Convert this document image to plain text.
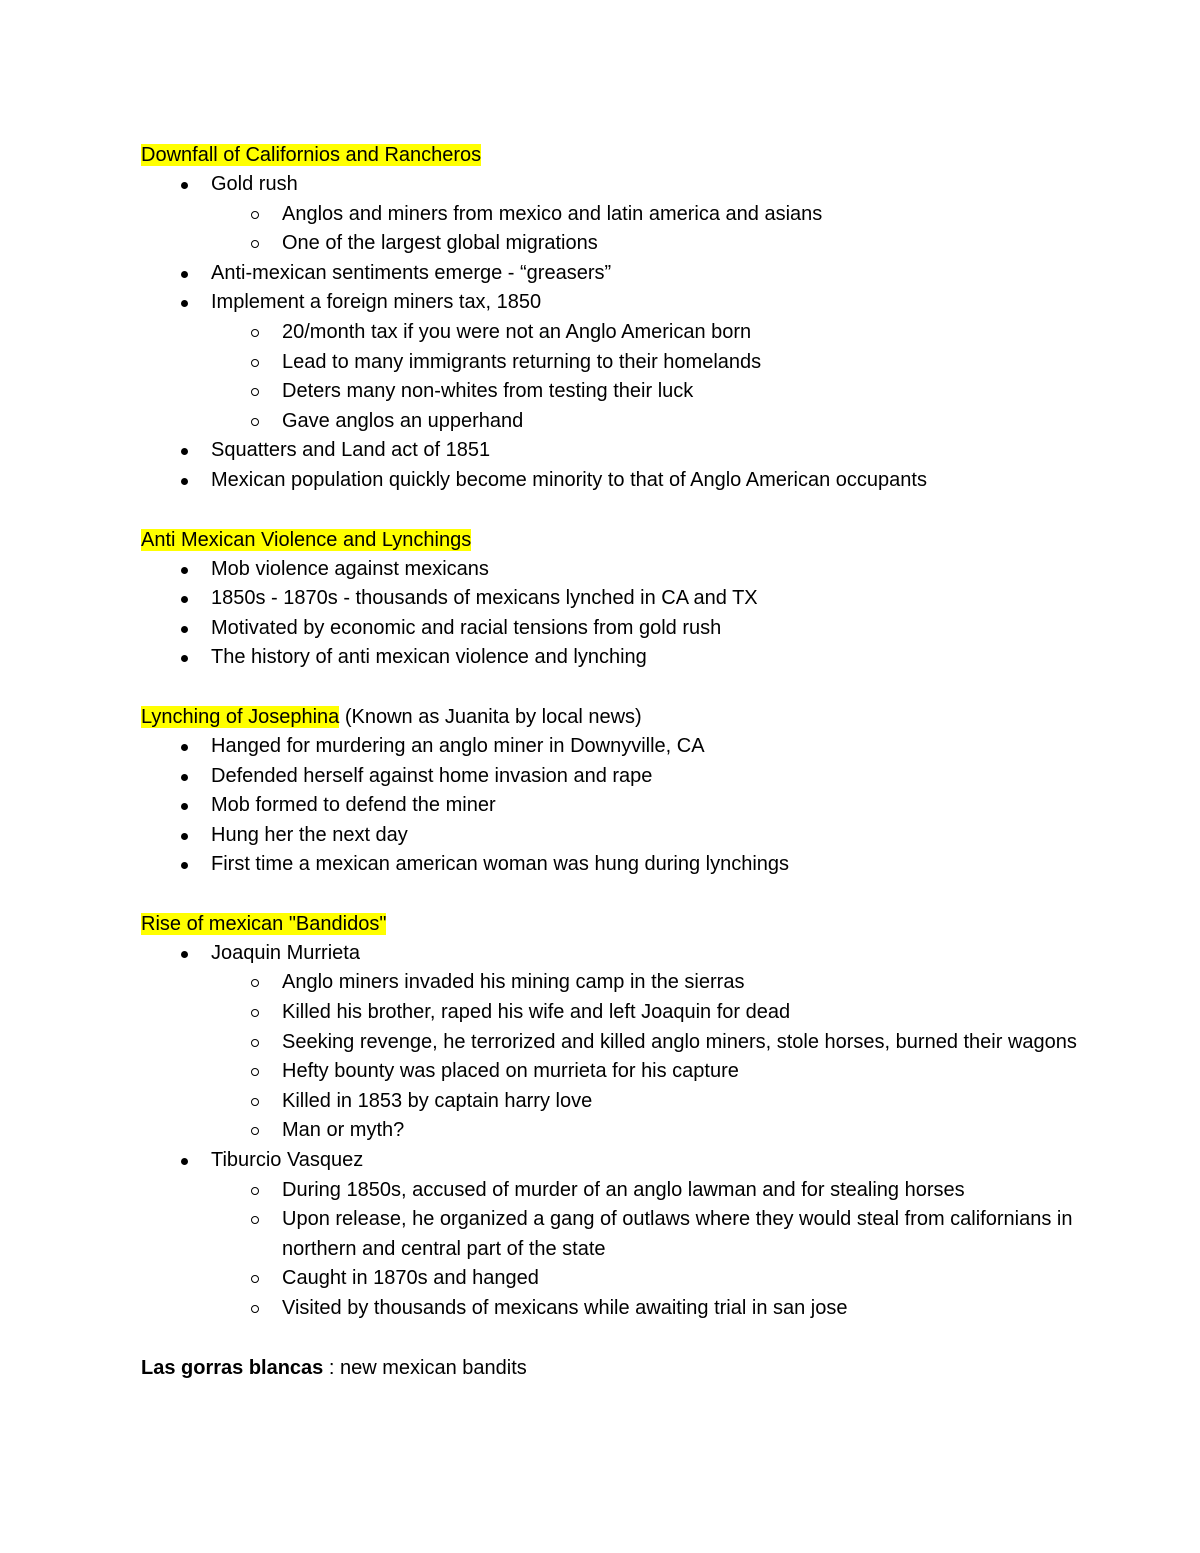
Downfall of Californios and Rancheros
Gold rush
Anglos and miners from mexico and latin america and asians
One of the largest global migrations
Anti-mexican sentiments emerge - “greasers”
Implement a foreign miners tax, 1850
20/month tax if you were not an Anglo American born
Lead to many immigrants returning to their homelands
Deters many non-whites from testing their luck
Gave anglos an upperhand
Squatters and Land act of 1851
Mexican population quickly become minority to that of Anglo American occupants
Anti Mexican Violence and Lynchings
Mob violence against mexicans
1850s - 1870s - thousands of mexicans lynched in CA and TX
Motivated by economic and racial tensions from gold rush
The history of anti mexican violence and lynching
Lynching of Josephina (Known as Juanita by local news)
Hanged for murdering an anglo miner in Downyville, CA
Defended herself against home invasion and rape
Mob formed to defend the miner
Hung her the next day
First time a mexican american woman was hung during lynchings
Rise of mexican "Bandidos"
Joaquin Murrieta
Anglo miners invaded his mining camp in the sierras
Killed his brother, raped his wife and left Joaquin for dead
Seeking revenge, he terrorized and killed anglo miners, stole horses, burned their wagons
Hefty bounty was placed on murrieta for his capture
Killed in 1853 by captain harry love
Man or myth?
Tiburcio Vasquez
During 1850s, accused of murder of an anglo lawman and for stealing horses
Upon release, he organized a gang of outlaws where they would steal from californians in northern and central part of the state
Caught in 1870s and hanged
Visited by thousands of mexicans while awaiting trial in san jose
Las gorras blancas : new mexican bandits
